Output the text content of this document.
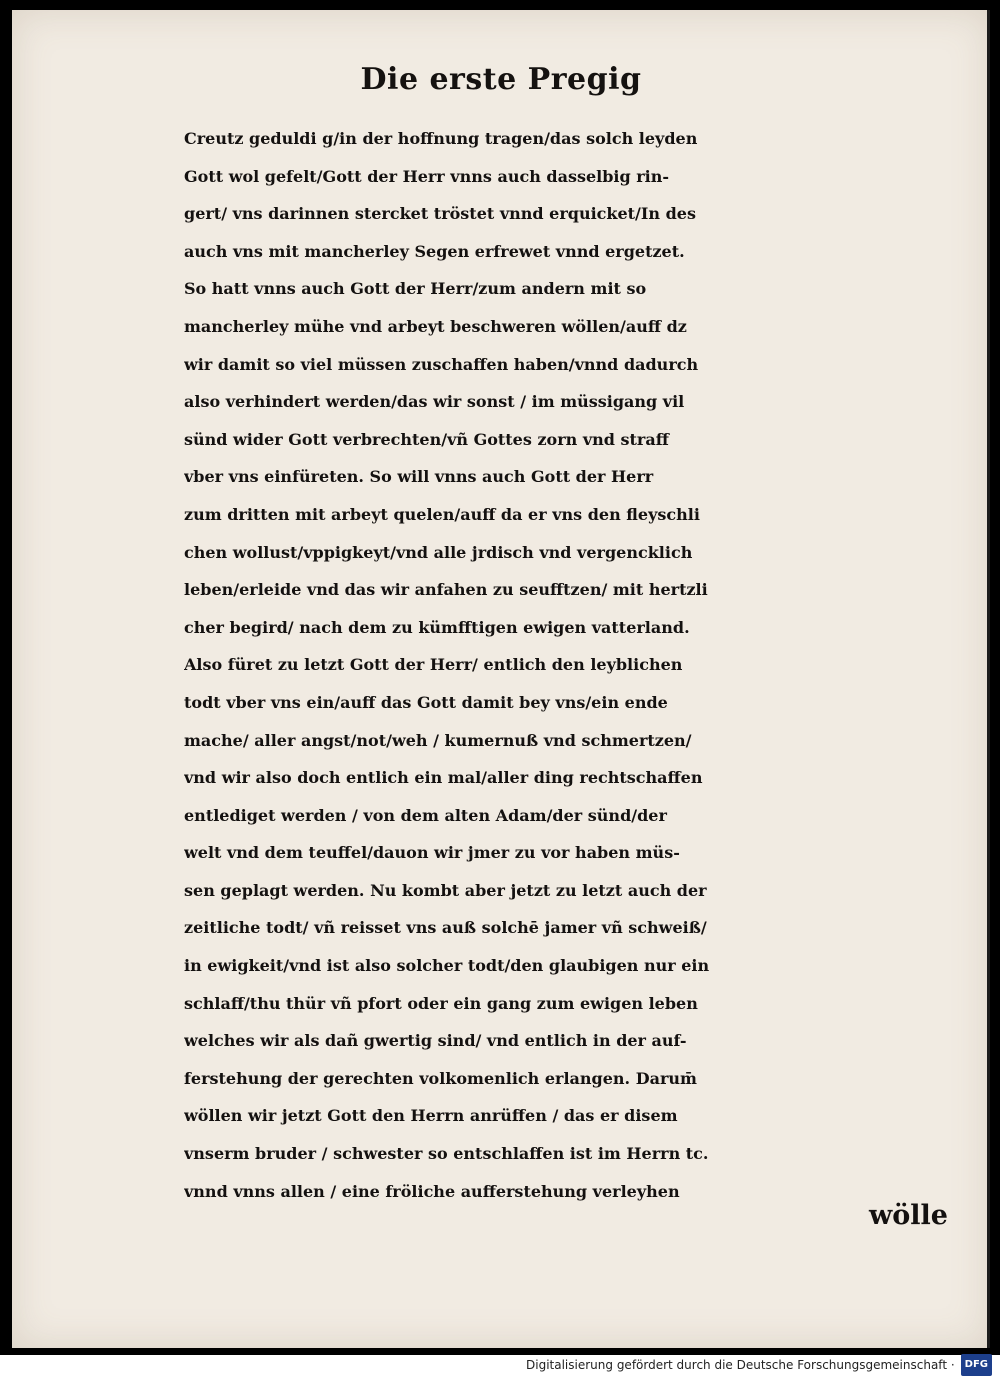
Die erste Pregig
Creutz geduldi g/in der hoffnung tragen/das solch leyden
Gott wol gefelt/Gott der Herr vnns auch dasselbig rin-
gert/ vns darinnen stercket tröstet vnnd erquicket/In des
auch vns mit mancherley Segen erfrewet vnnd ergetzet.
So hatt vnns auch Gott der Herr/zum andern mit so
mancherley mühe vnd arbeyt beschweren wöllen/auff dz
wir damit so viel müssen zuschaffen haben/vnnd dadurch
also verhindert werden/das wir sonst / im müssigang vil
sünd wider Gott verbrechten/vñ Gottes zorn vnd straff
vber vns einfüreten. So will vnns auch Gott der Herr
zum dritten mit arbeyt quelen/auff da er vns den fleyschli
chen wollust/vppigkeyt/vnd alle jrdisch vnd vergencklich
leben/erleide vnd das wir anfahen zu seufftzen/ mit hertzli
cher begird/ nach dem zu kümfftigen ewigen vatterland.
Also füret zu letzt Gott der Herr/ entlich den leyblichen
todt vber vns ein/auff das Gott damit bey vns/ein ende
mache/ aller angst/not/weh / kumernuß vnd schmertzen/
vnd wir also doch entlich ein mal/aller ding rechtschaffen
entlediget werden / von dem alten Adam/der sünd/der
welt vnd dem teuffel/dauon wir jmer zu vor haben müs-
sen geplagt werden. Nu kombt aber jetzt zu letzt auch der
zeitliche todt/ vñ reisset vns auß solchē jamer vñ schweiß/
in ewigkeit/vnd ist also solcher todt/den glaubigen nur ein
schlaff/thu thür vñ pfort oder ein gang zum ewigen leben
welches wir als dañ gwertig sind/ vnd entlich in der auf-
ferstehung der gerechten volkomenlich erlangen. Darum̄
wöllen wir jetzt Gott den Herrn anrüffen / das er disem
vnserm bruder / schwester so entschlaffen ist im Herrn tc.
vnnd vnns allen / eine fröliche aufferstehung verleyhen
wölle
Digitalisierung gefördert durch die Deutsche Forschungsgemeinschaft ·	DFG
